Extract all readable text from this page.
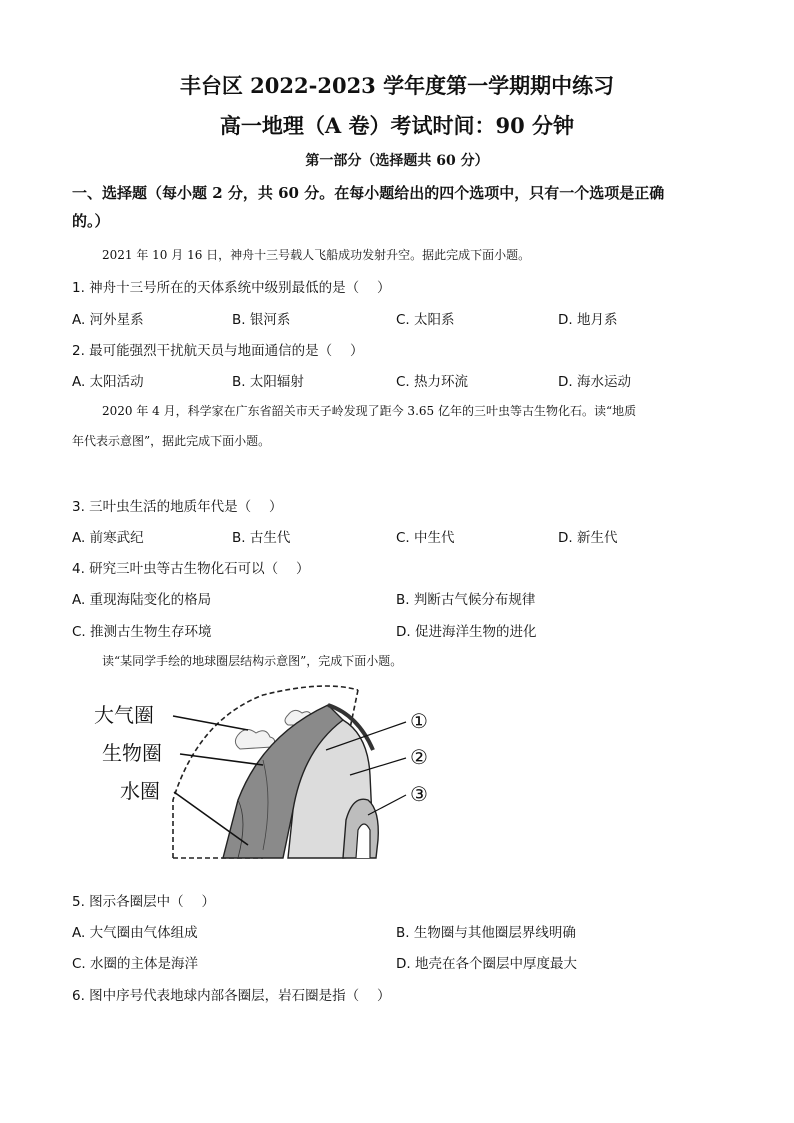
丰台区 2022-2023 学年度第一学期期中练习
高一地理（A 卷）考试时间：90 分钟
第一部分（选择题共 60 分）
一、选择题（每小题 2 分，共 60 分。在每小题给出的四个选项中，只有一个选项是正确
的。）
2021 年 10 月 16 日，神舟十三号载人飞船成功发射升空。据此完成下面小题。
1. 神舟十三号所在的天体系统中级别最低的是（　 ）
A. 河外星系	B. 银河系	C. 太阳系	D. 地月系
2. 最可能强烈干扰航天员与地面通信的是（　 ）
A. 太阳活动	B. 太阳辐射	C. 热力环流	D. 海水运动
2020 年 4 月，科学家在广东省韶关市天子岭发现了距今 3.65 亿年的三叶虫等古生物化石。读“地质
年代表示意图”，据此完成下面小题。
3. 三叶虫生活的地质年代是（　 ）
A. 前寒武纪	B. 古生代	C. 中生代	D. 新生代
4. 研究三叶虫等古生物化石可以（　 ）
A. 重现海陆变化的格局	B. 判断古气候分布规律
C. 推测古生物生存环境	D. 促进海洋生物的进化
读“某同学手绘的地球圈层结构示意图”，完成下面小题。
大气圈
生物圈
水圈
①
②
③
5. 图示各圈层中（　 ）
A. 大气圈由气体组成	B. 生物圈与其他圈层界线明确
C. 水圈的主体是海洋	D. 地壳在各个圈层中厚度最大
6. 图中序号代表地球内部各圈层，岩石圈是指（　 ）
